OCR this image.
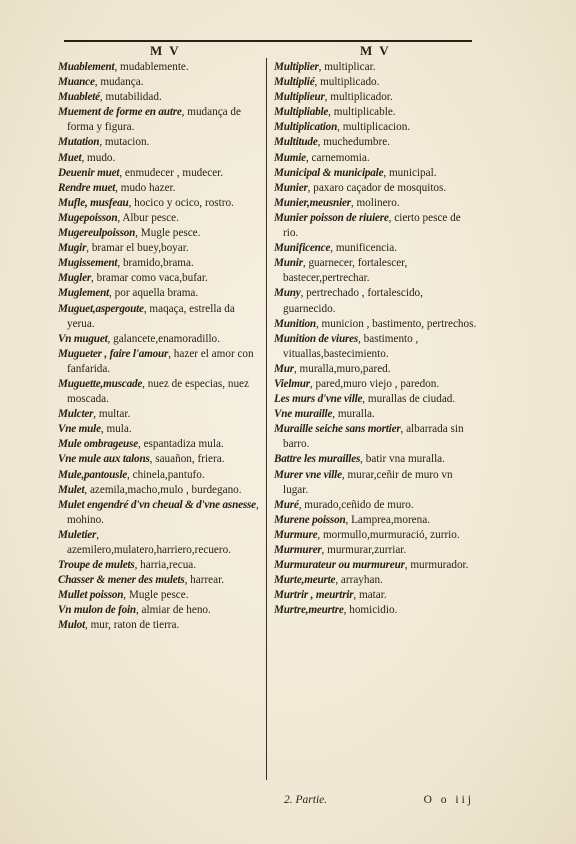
M V	M V
Muablement, mudablemente.
Muance, mudança.
Muableté, mutabilidad.
Muement de forme en autre, mudança de forma y figura.
Mutation, mutacion.
Muet, mudo.
Deuenir muet, enmudecer , mudecer.
Rendre muet, mudo hazer.
Mufle, musfeau, hocico y ocico, rostro.
Mugepoisson, Albur pesce.
Mugereulpoisson, Mugle pesce.
Mugir, bramar el buey,boyar.
Mugissement, bramido,brama.
Mugler, bramar como vaca,bufar.
Muglement, por aquella brama.
Muguet,aspergoute, maqaça, estrella da yerua.
Vn muguet, galancete,enamoradillo.
Mugueter , faire l'amour, hazer el amor con fanfarida.
Muguette,muscade, nuez de especias, nuez moscada.
Mulcter, multar.
Vne mule, mula.
Mule ombrageuse, espantadiza mula.
Vne mule aux talons, sauañon, friera.
Mule,pantousle, chinela,pantufo.
Mulet, azemila,macho,mulo , burdegano.
Mulet engendré d'vn cheual & d'vne asnesse, mohino.
Muletier, azemilero,mulatero,harriero,recuero.
Troupe de mulets, harria,recua.
Chasser & mener des mulets, harrear.
Mullet poisson, Mugle pesce.
Vn mulon de foin, almiar de heno.
Mulot, mur, raton de tierra.
Multiplier, multiplicar.
Multiplié, multiplicado.
Multiplieur, multiplicador.
Multipliable, multiplicable.
Multiplication, multiplicacion.
Multitude, muchedumbre.
Mumie, carnemomia.
Municipal & municipale, municipal.
Munier, paxaro caçador de mosquitos.
Munier,meusnier, molinero.
Munier poisson de riuiere, cierto pesce de rio.
Munificence, munificencia.
Munir, guarnecer, fortalescer, bastecer,pertrechar.
Muny, pertrechado , fortalescido, guarnecido.
Munition, municion , bastimento, pertrechos.
Munition de viures, bastimento , vituallas,bastecimiento.
Mur, muralla,muro,pared.
Vielmur, pared,muro viejo , paredon.
Les murs d'vne ville, murallas de ciudad.
Vne muraille, muralla.
Muraille seiche sans mortier, albarrada sin barro.
Battre les murailles, batir vna muralla.
Murer vne ville, murar,ceñir de muro vn lugar.
Muré, murado,ceñido de muro.
Murene poisson, Lamprea,morena.
Murmure, mormullo,murmuració, zurrio.
Murmurer, murmurar,zurriar.
Murmurateur ou murmureur, murmurador.
Murte,meurte, arrayhan.
Murtrir , meurtrir, matar.
Murtre,meurtre, homicidio.
2. Partie.	O o iij
